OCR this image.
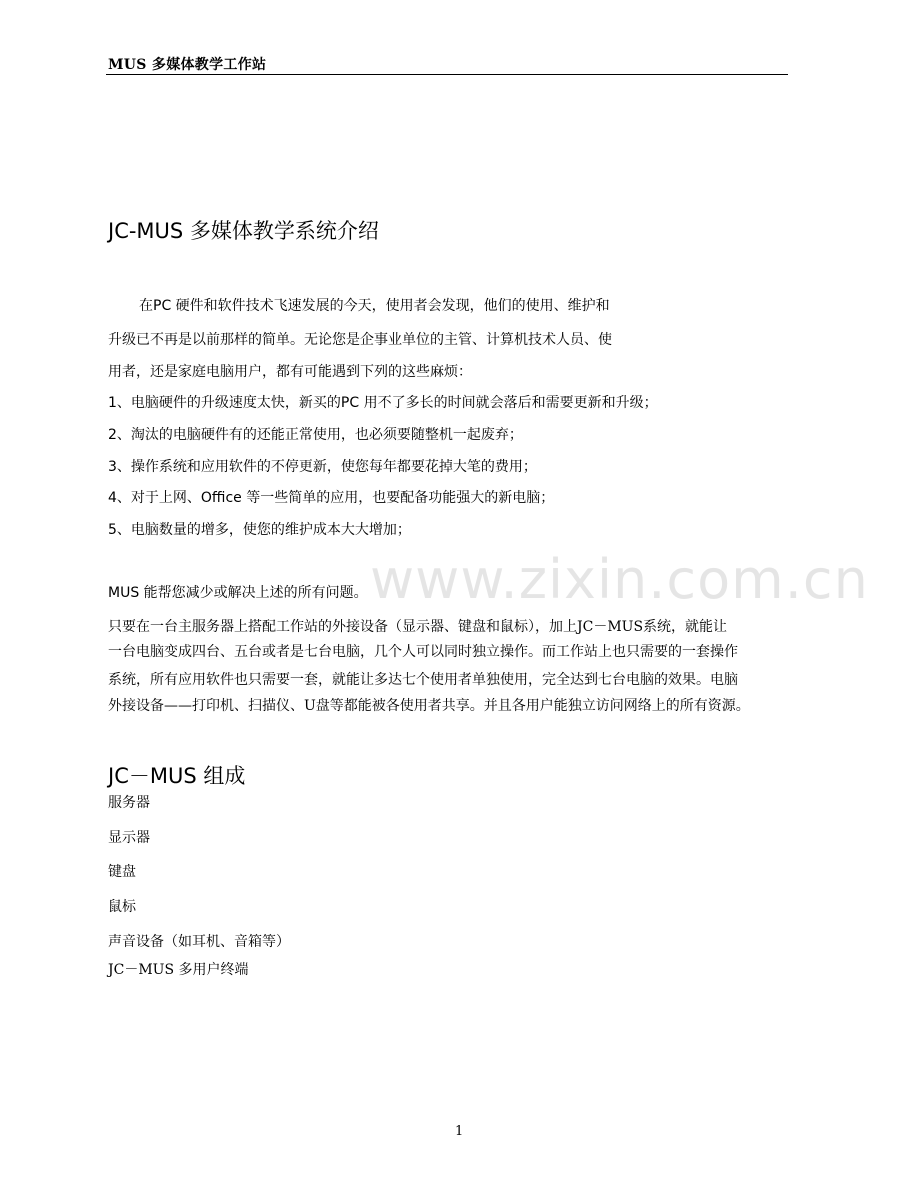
MUS 多媒体教学工作站
JC-MUS 多媒体教学系统介绍
在PC 硬件和软件技术飞速发展的今天，使用者会发现，他们的使用、维护和
升级已不再是以前那样的简单。无论您是企事业单位的主管、计算机技术人员、使
用者，还是家庭电脑用户，都有可能遇到下列的这些麻烦：
1、电脑硬件的升级速度太快，新买的PC 用不了多长的时间就会落后和需要更新和升级；
2、淘汰的电脑硬件有的还能正常使用，也必须要随整机一起废弃；
3、操作系统和应用软件的不停更新，使您每年都要花掉大笔的费用；
4、对于上网、Office 等一些简单的应用，也要配备功能强大的新电脑；
5、电脑数量的增多，使您的维护成本大大增加；
www.zixin.com.cn
MUS 能帮您减少或解决上述的所有问题。
只要在一台主服务器上搭配工作站的外接设备（显示器、键盘和鼠标），加上JC－MUS系统，就能让
一台电脑变成四台、五台或者是七台电脑，几个人可以同时独立操作。而工作站上也只需要的一套操作
系统，所有应用软件也只需要一套，就能让多达七个使用者单独使用，完全达到七台电脑的效果。电脑
外接设备——打印机、扫描仪、U盘等都能被各使用者共享。并且各用户能独立访问网络上的所有资源。
JC－MUS 组成
服务器
显示器
键盘
鼠标
声音设备（如耳机、音箱等）
JC－MUS 多用户终端
1
